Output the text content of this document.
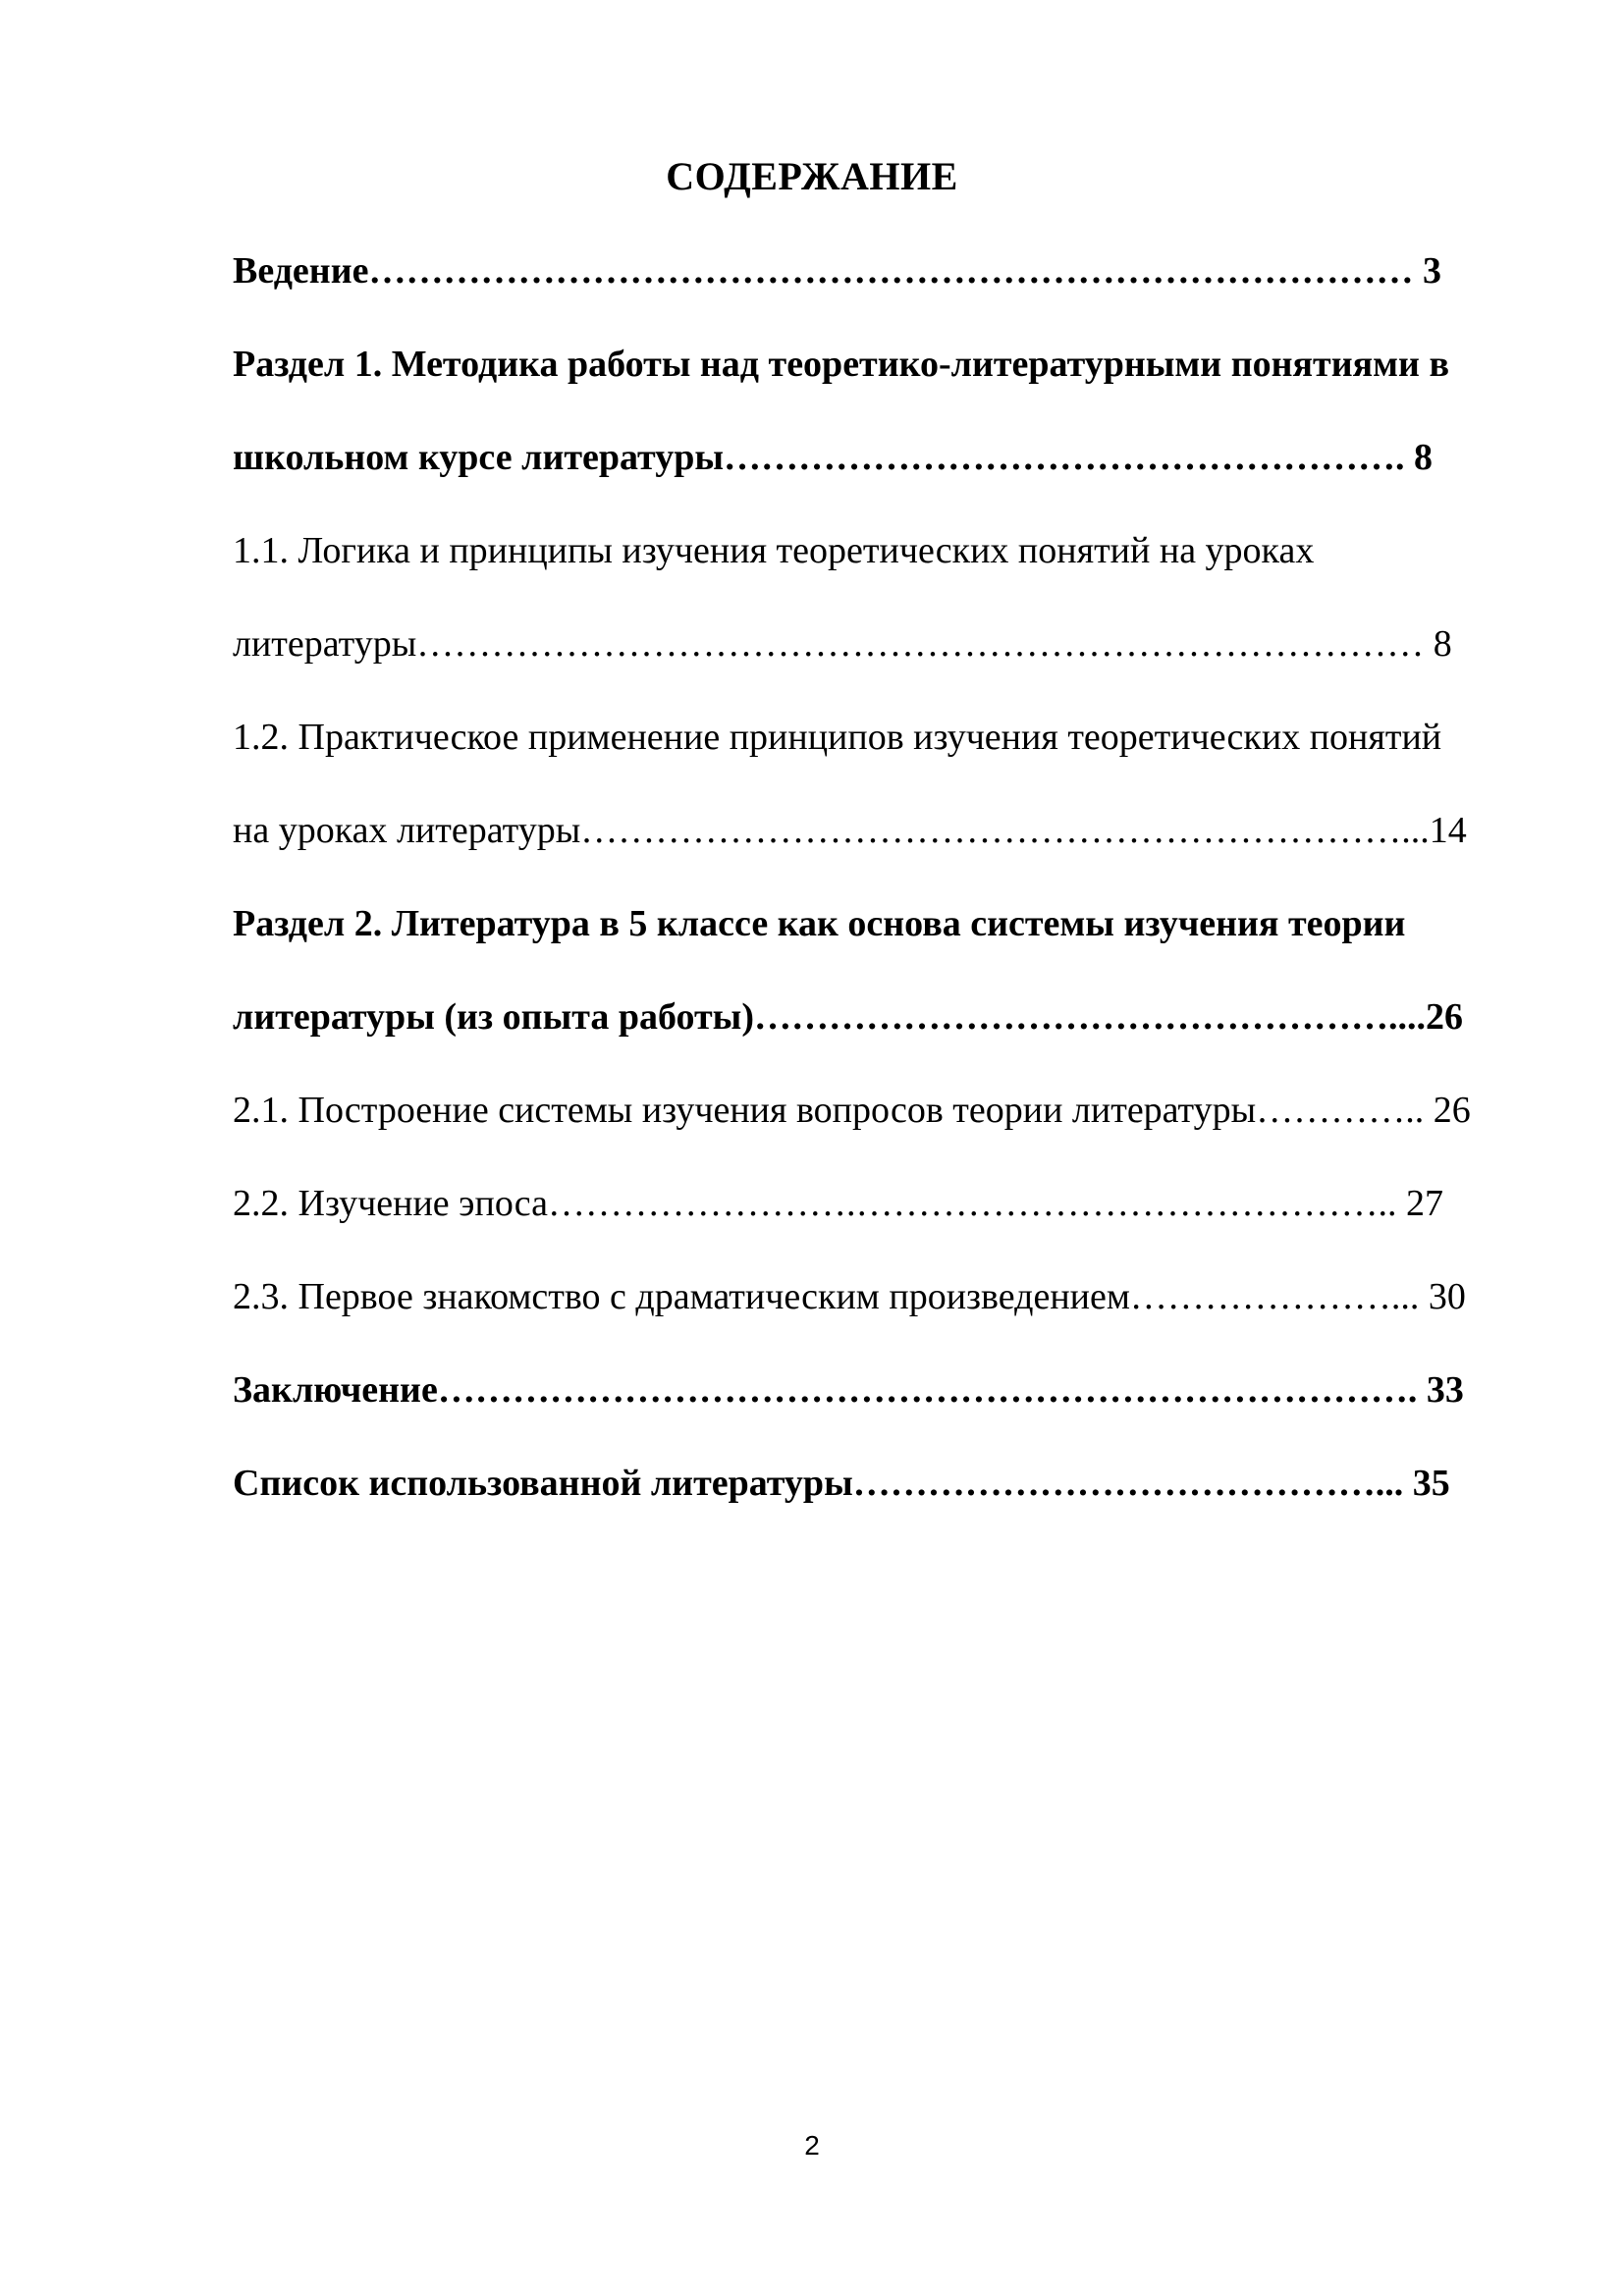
СОДЕРЖАНИЕ
Ведение………………………………………………………………………… 3
Раздел 1. Методика работы над теоретико-литературными понятиями в
школьном курсе литературы………………………………………………. 8
1.1. Логика и принципы изучения теоретических понятий на уроках
литературы……………………………………………………………………… 8
1.2. Практическое применение принципов изучения теоретических понятий
на уроках литературы…………………………………………………………...14
Раздел 2. Литература в 5 классе как основа системы изучения теории
литературы (из опыта работы)……………………………………………....26
2.1. Построение системы изучения вопросов теории литературы………….. 26
2.2. Изучение эпоса…………………….…………………………………….. 27
2.3. Первое знакомство с драматическим произведением…………………... 30
Заключение……………………………………………………………………. 33
Список использованной литературы……………………………………... 35
2
